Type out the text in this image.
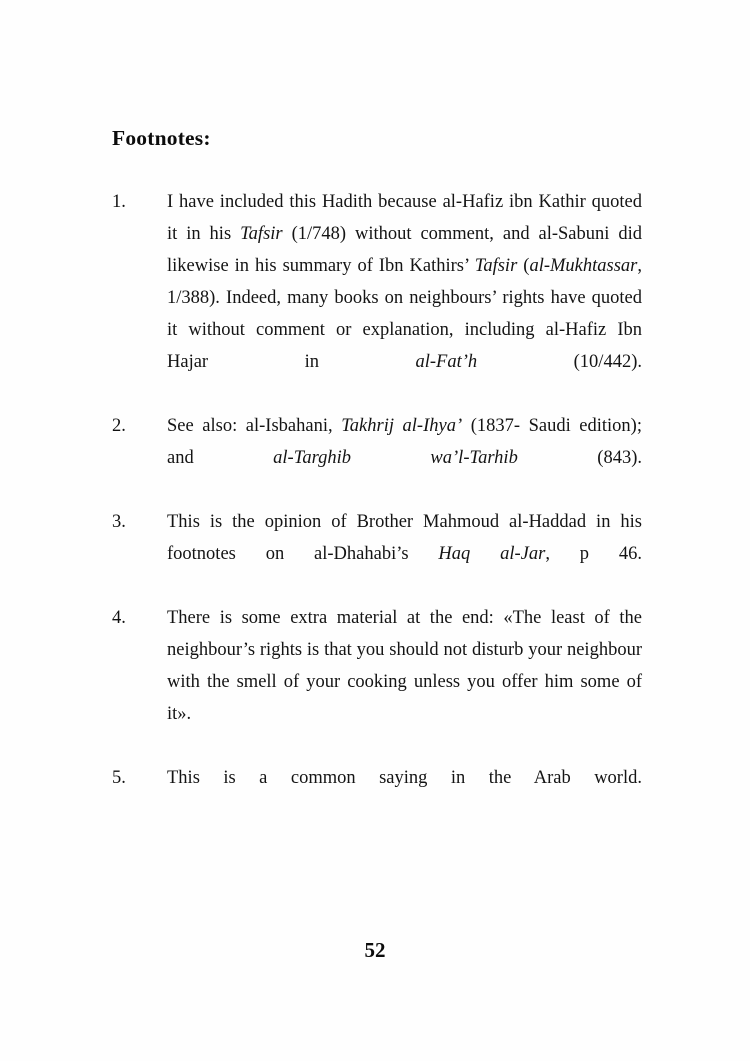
Footnotes:
1.	I have included this Hadith because al-Hafiz ibn Kathir quoted it in his Tafsir (1/748) without comment, and al-Sabuni did likewise in his summary of Ibn Kathirs’ Tafsir (al-Mukhtassar, 1/388). Indeed, many books on neighbours’ rights have quoted it without comment or explanation, including al-Hafiz Ibn Hajar in al-Fat’h (10/442).
2.	See also: al-Isbahani, Takhrij al-Ihya’ (1837- Saudi edition); and al-Targhib wa’l-Tarhib (843).
3.	This is the opinion of Brother Mahmoud al-Haddad in his footnotes on al-Dhahabi’s Haq al-Jar, p 46.
4.	There is some extra material at the end: «The least of the neighbour’s rights is that you should not disturb your neighbour with the smell of your cooking unless you offer him some of it».
5.	This is a common saying in the Arab world.
52
